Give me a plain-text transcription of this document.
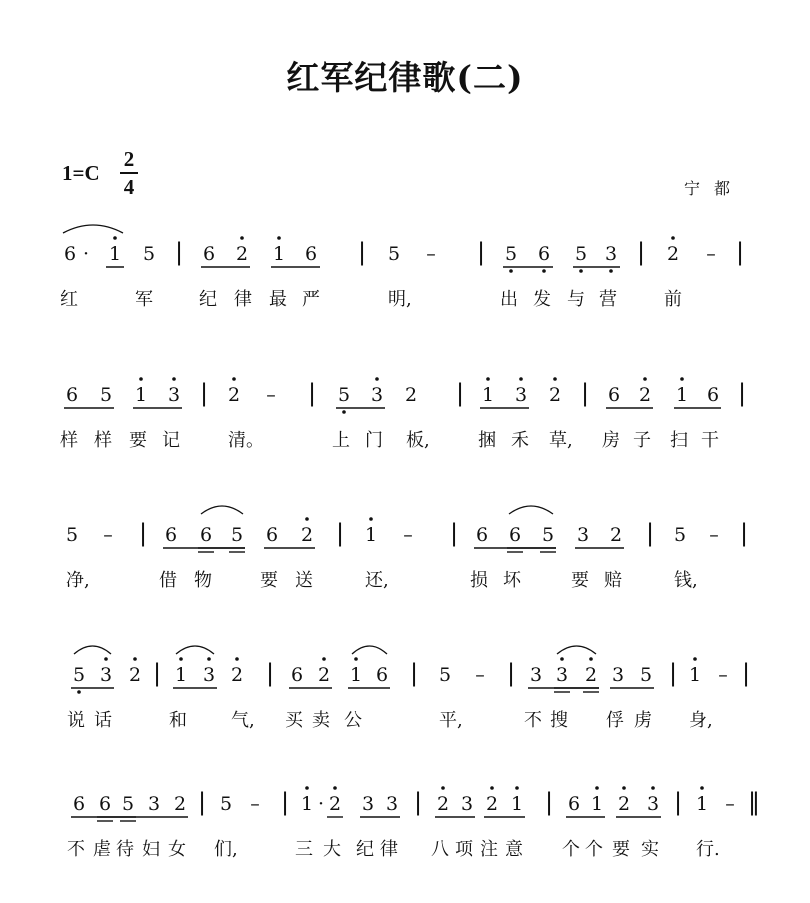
红军纪律歌(二)
1=C
2
4	宁都
6 ·	1	5 |	6	2	1	6	|	5	–	|	5	6	5 3 |	2	– |
红	军	纪 律 最 严	明,	出 发 与 营	前
6	5	1	3 |	2	–	|	5	3	2	| 1	3	2 | 6 2	1 6 |
样 样 要 记	清。	上 门	板,	捆 禾	草,	房 子	扫 干
5	–	| 6	6 5	6	2 |	1	–	| 6	6	5	3	2 |	5	– |
净,	借 物	要 送	还,	损 坏	要 赔	钱,
5 3 2 | 1 3 2 | 6 2	1 6 |	5	– | 3 3 2 3 5 | 1 – |
说 话	和	气,	买 卖 公	平,	不 搜	俘 虏	身,
6 6 5 3 2 | 5 – | 1 · 2	3 3 | 2 3 2 1 | 6 1 2 3 | 1 – ‖
不 虐 待 妇 女	们,	三 大 纪 律	八 项 注 意	个 个 要 实	行.
